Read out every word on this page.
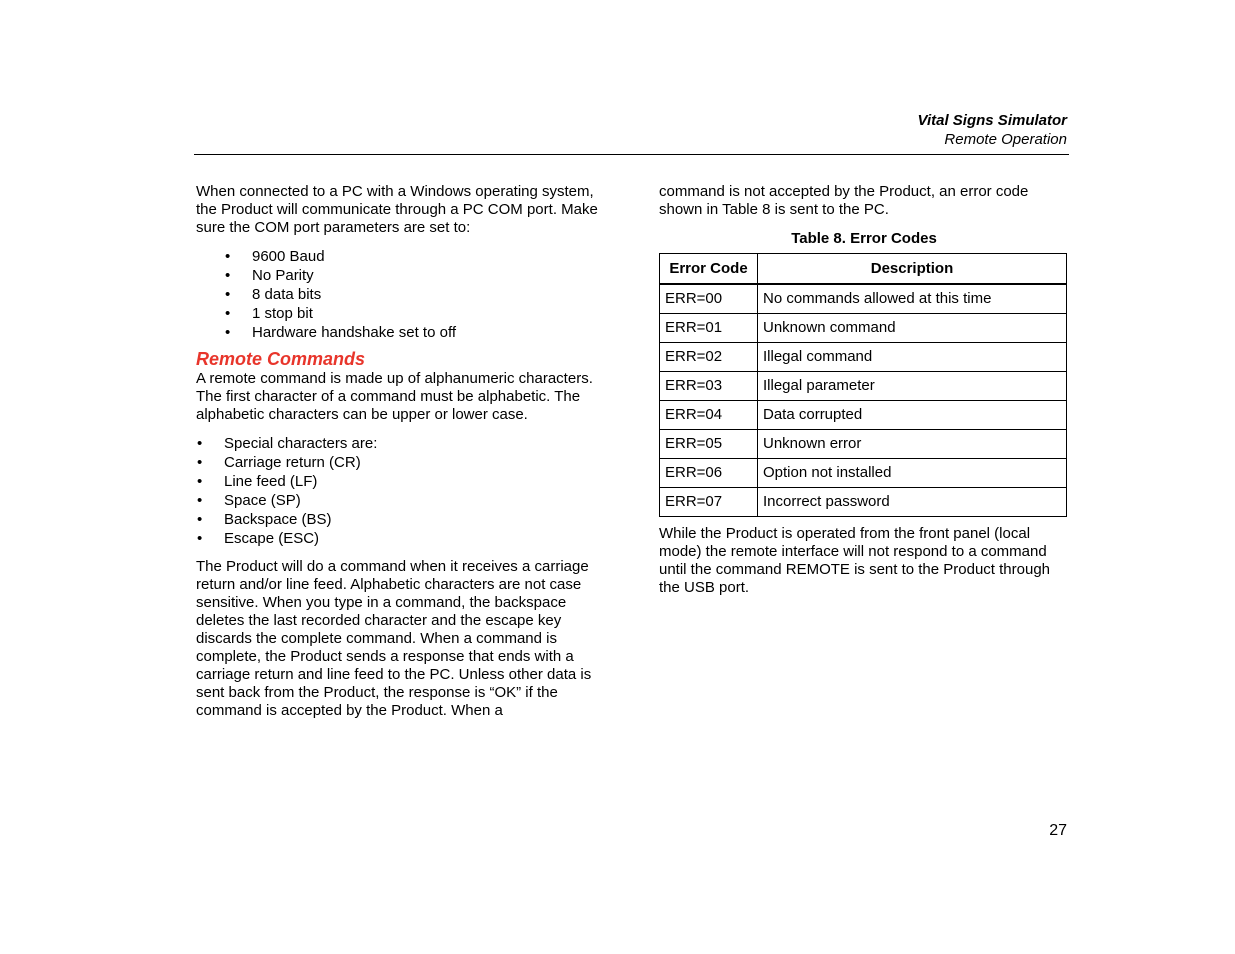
Vital Signs Simulator
Remote Operation

When connected to a PC with a Windows operating system, the Product will communicate through a PC COM port. Make sure the COM port parameters are set to:

• 9600 Baud
• No Parity
• 8 data bits
• 1 stop bit
• Hardware handshake set to off
Remote Commands

A remote command is made up of alphanumeric characters. The first character of a command must be alphabetic. The alphabetic characters can be upper or lower case.

• Special characters are:
• Carriage return (CR)
• Line feed (LF)
• Space (SP)
• Backspace (BS)
• Escape (ESC)

The Product will do a command when it receives a carriage return and/or line feed. Alphabetic characters are not case sensitive. When you type in a command, the backspace deletes the last recorded character and the escape key discards the complete command. When a command is complete, the Product sends a response that ends with a carriage return and line feed to the PC. Unless other data is sent back from the Product, the response is “OK” if the command is accepted by the Product. When a

command is not accepted by the Product, an error code shown in Table 8 is sent to the PC.

Table 8. Error Codes
Error Code	Description
ERR=00	No commands allowed at this time
ERR=01	Unknown command
ERR=02	Illegal command
ERR=03	Illegal parameter
ERR=04	Data corrupted
ERR=05	Unknown error
ERR=06	Option not installed
ERR=07	Incorrect password

While the Product is operated from the front panel (local mode) the remote interface will not respond to a command until the command REMOTE is sent to the Product through the USB port.

27
